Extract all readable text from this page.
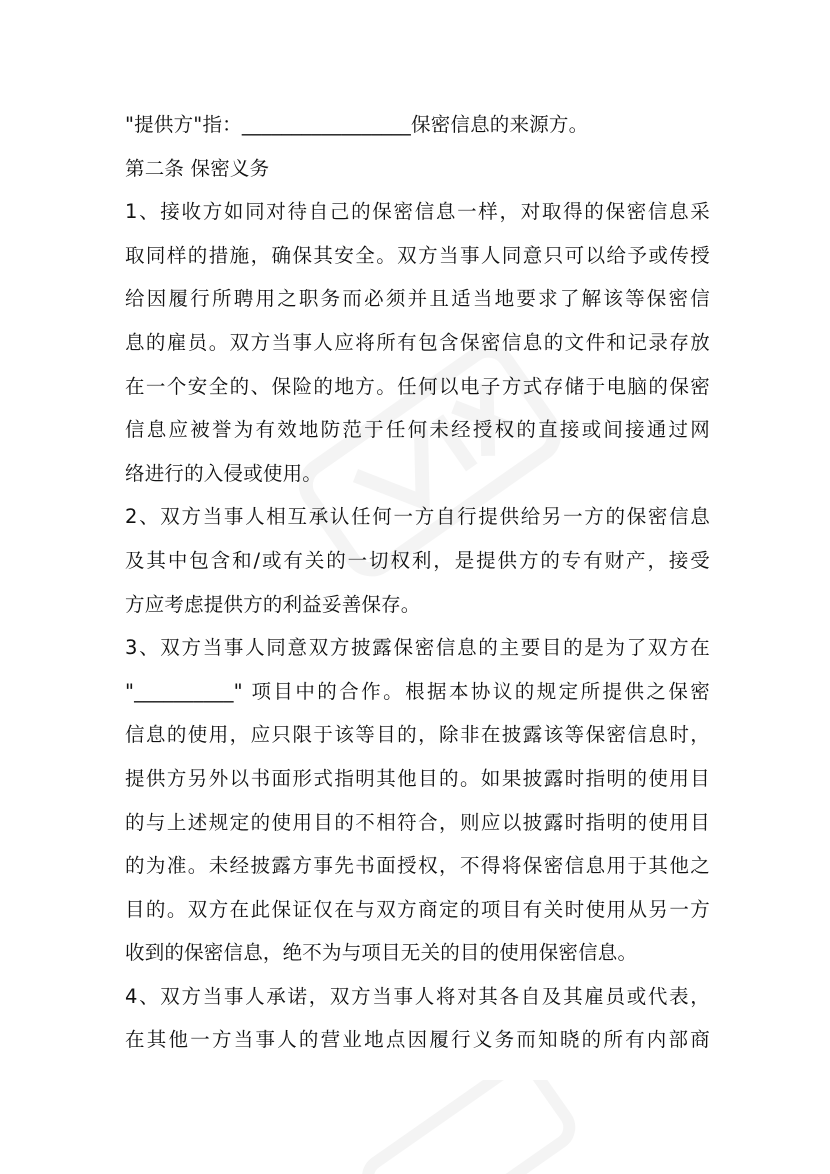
"提供方"指：_________________保密信息的来源方。

第二条 保密义务

1、接收方如同对待自己的保密信息一样，对取得的保密信息采
取同样的措施，确保其安全。双方当事人同意只可以给予或传授
给因履行所聘用之职务而必须并且适当地要求了解该等保密信
息的雇员。双方当事人应将所有包含保密信息的文件和记录存放
在一个安全的、保险的地方。任何以电子方式存储于电脑的保密
信息应被誉为有效地防范于任何未经授权的直接或间接通过网
络进行的入侵或使用。

2、双方当事人相互承认任何一方自行提供给另一方的保密信息
及其中包含和/或有关的一切权利，是提供方的专有财产，接受
方应考虑提供方的利益妥善保存。

3、双方当事人同意双方披露保密信息的主要目的是为了双方在
"__________" 项目中的合作。根据本协议的规定所提供之保密
信息的使用，应只限于该等目的，除非在披露该等保密信息时，
提供方另外以书面形式指明其他目的。如果披露时指明的使用目
的与上述规定的使用目的不相符合，则应以披露时指明的使用目
的为准。未经披露方事先书面授权，不得将保密信息用于其他之
目的。双方在此保证仅在与双方商定的项目有关时使用从另一方
收到的保密信息，绝不为与项目无关的目的使用保密信息。

4、双方当事人承诺，双方当事人将对其各自及其雇员或代表，
在其他一方当事人的营业地点因履行义务而知晓的所有内部商
